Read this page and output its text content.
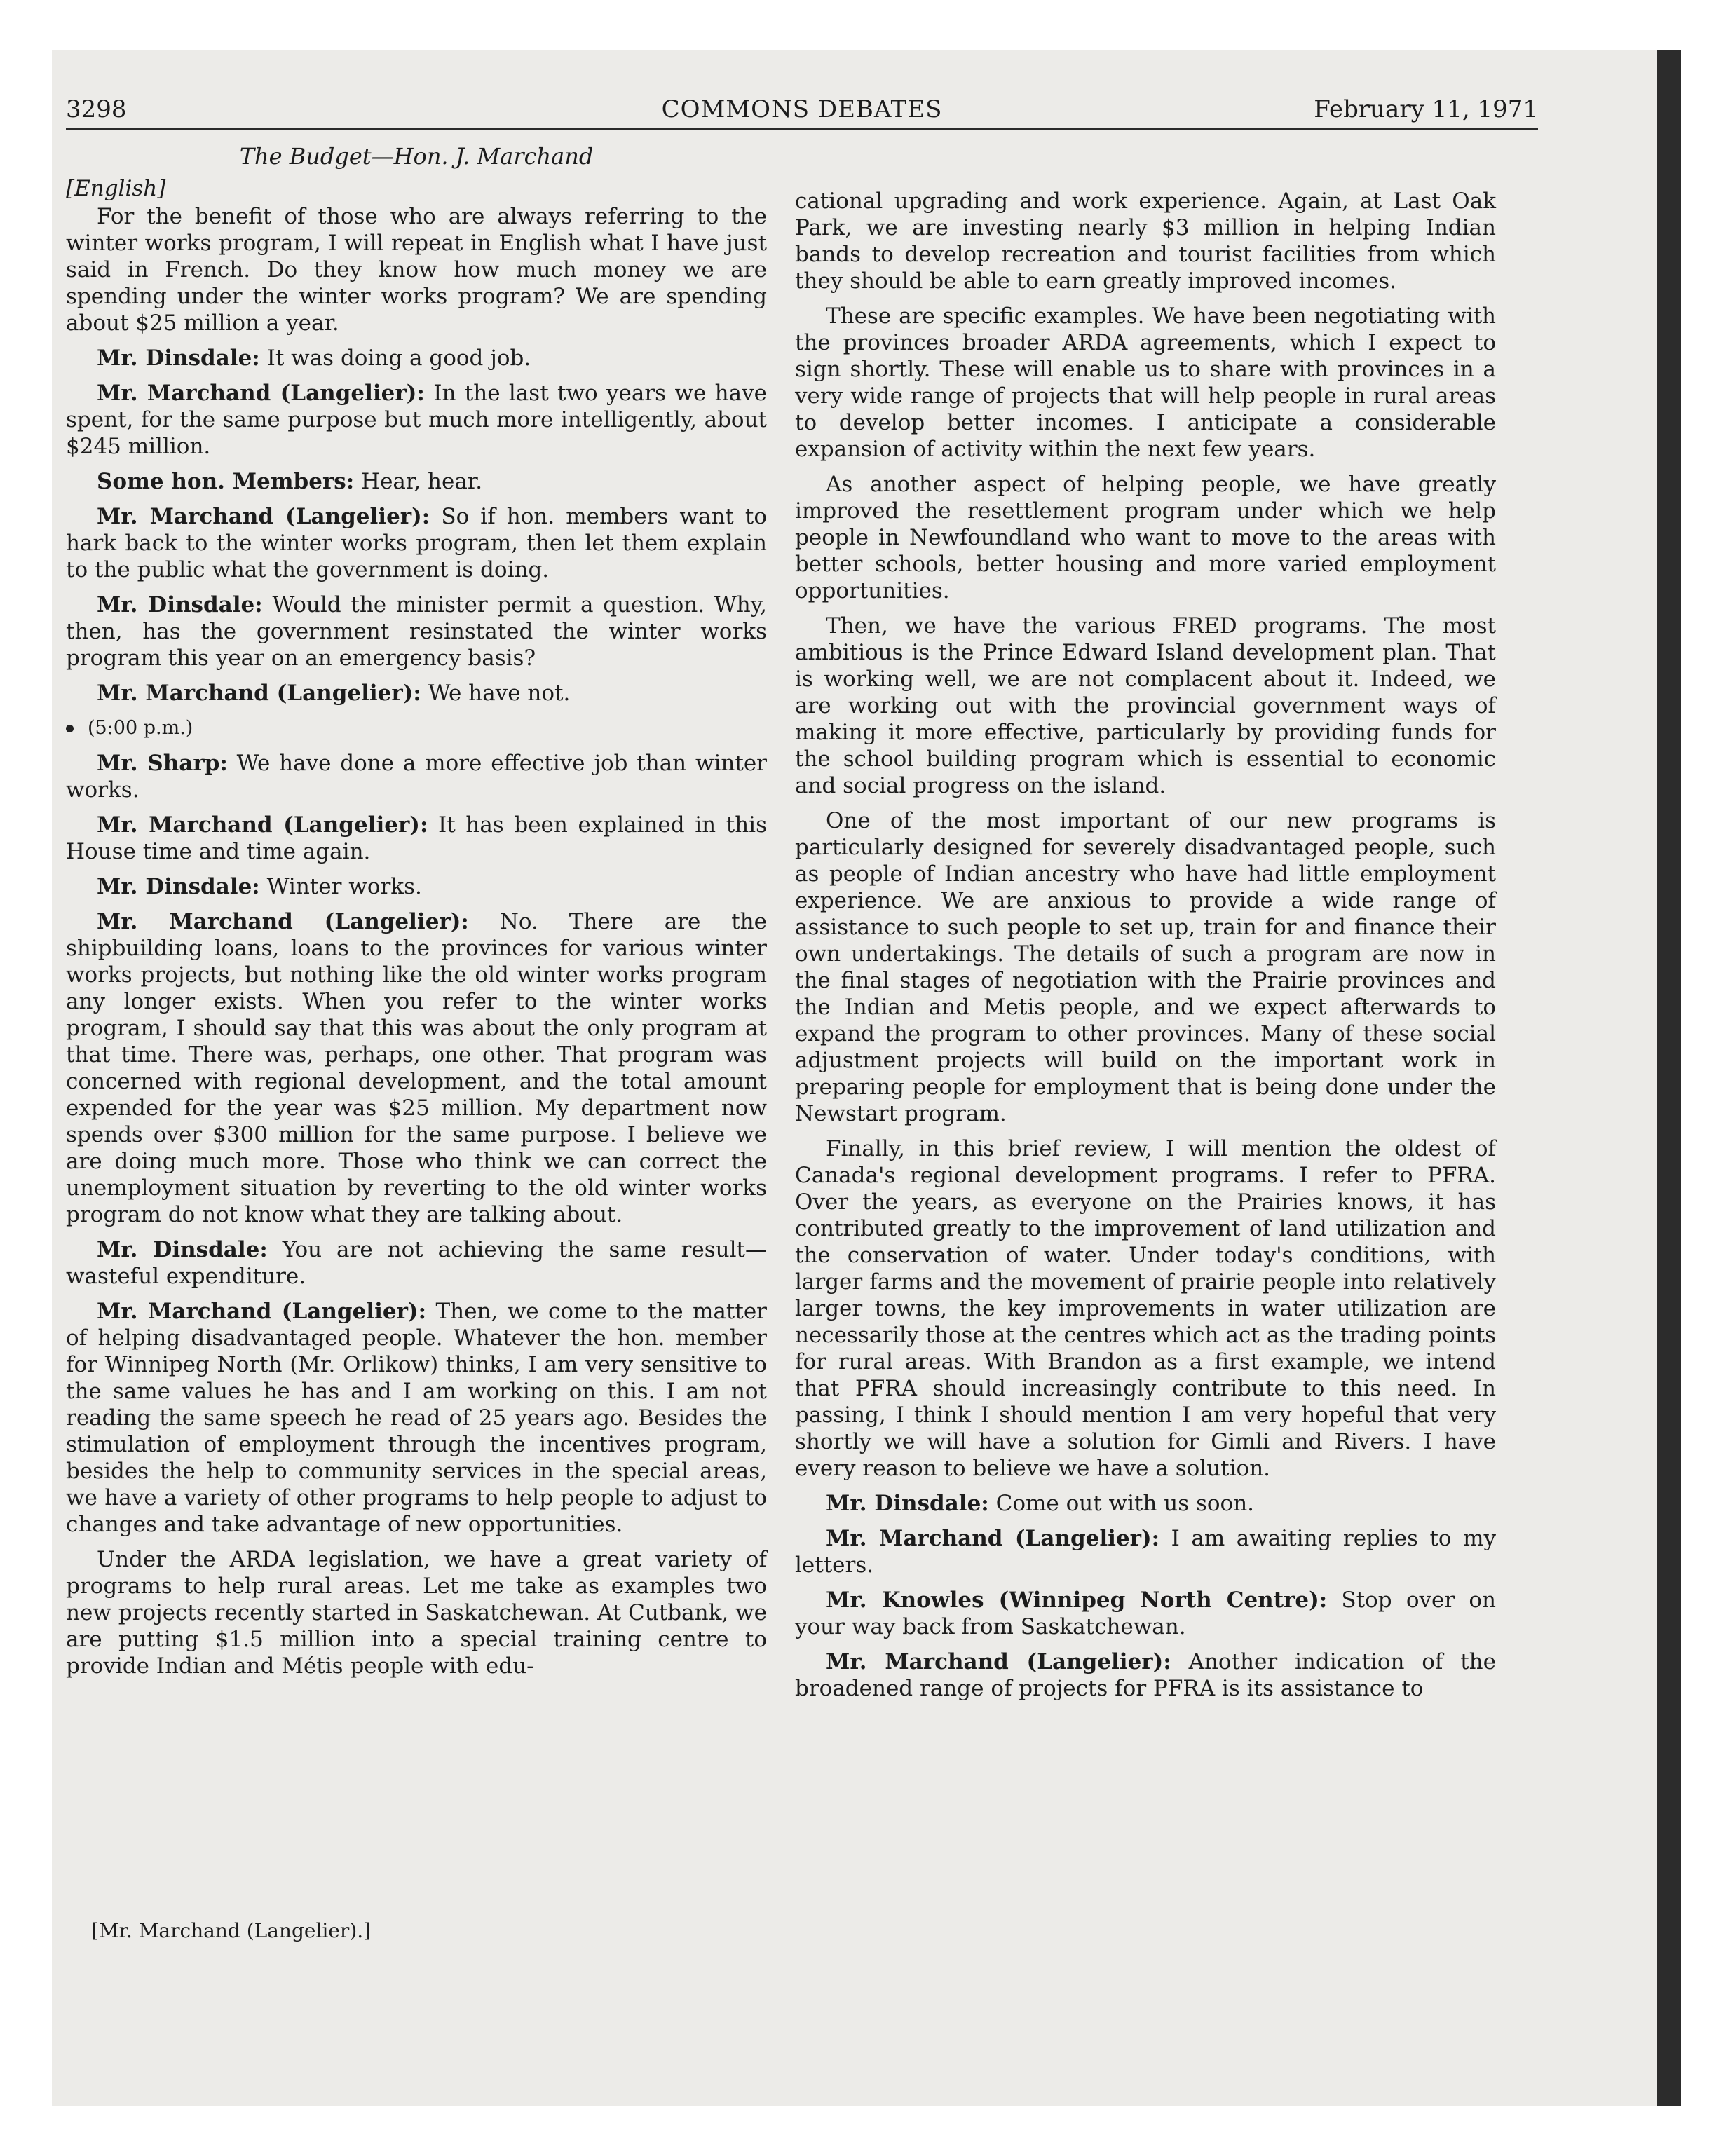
3298	COMMONS DEBATES	February 11, 1971
The Budget—Hon. J. Marchand
[English]

For the benefit of those who are always referring to the winter works program, I will repeat in English what I have just said in French. Do they know how much money we are spending under the winter works program? We are spending about $25 million a year.

Mr. Dinsdale: It was doing a good job.

Mr. Marchand (Langelier): In the last two years we have spent, for the same purpose but much more intelligently, about $245 million.

Some hon. Members: Hear, hear.

Mr. Marchand (Langelier): So if hon. members want to hark back to the winter works program, then let them explain to the public what the government is doing.

Mr. Dinsdale: Would the minister permit a question. Why, then, has the government resinstated the winter works program this year on an emergency basis?

Mr. Marchand (Langelier): We have not.

(5:00 p.m.)

Mr. Sharp: We have done a more effective job than winter works.

Mr. Marchand (Langelier): It has been explained in this House time and time again.

Mr. Dinsdale: Winter works.

Mr. Marchand (Langelier): No. There are the shipbuilding loans, loans to the provinces for various winter works projects, but nothing like the old winter works program any longer exists. When you refer to the winter works program, I should say that this was about the only program at that time. There was, perhaps, one other. That program was concerned with regional development, and the total amount expended for the year was $25 million. My department now spends over $300 million for the same purpose. I believe we are doing much more. Those who think we can correct the unemployment situation by reverting to the old winter works program do not know what they are talking about.

Mr. Dinsdale: You are not achieving the same result—wasteful expenditure.

Mr. Marchand (Langelier): Then, we come to the matter of helping disadvantaged people. Whatever the hon. member for Winnipeg North (Mr. Orlikow) thinks, I am very sensitive to the same values he has and I am working on this. I am not reading the same speech he read of 25 years ago. Besides the stimulation of employment through the incentives program, besides the help to community services in the special areas, we have a variety of other programs to help people to adjust to changes and take advantage of new opportunities.

Under the ARDA legislation, we have a great variety of programs to help rural areas. Let me take as examples two new projects recently started in Saskatchewan. At Cutbank, we are putting $1.5 million into a special training centre to provide Indian and Métis people with edu-

cational upgrading and work experience. Again, at Last Oak Park, we are investing nearly $3 million in helping Indian bands to develop recreation and tourist facilities from which they should be able to earn greatly improved incomes.

These are specific examples. We have been negotiating with the provinces broader ARDA agreements, which I expect to sign shortly. These will enable us to share with provinces in a very wide range of projects that will help people in rural areas to develop better incomes. I anticipate a considerable expansion of activity within the next few years.

As another aspect of helping people, we have greatly improved the resettlement program under which we help people in Newfoundland who want to move to the areas with better schools, better housing and more varied employment opportunities.

Then, we have the various FRED programs. The most ambitious is the Prince Edward Island development plan. That is working well, we are not complacent about it. Indeed, we are working out with the provincial government ways of making it more effective, particularly by providing funds for the school building program which is essential to economic and social progress on the island.

One of the most important of our new programs is particularly designed for severely disadvantaged people, such as people of Indian ancestry who have had little employment experience. We are anxious to provide a wide range of assistance to such people to set up, train for and finance their own undertakings. The details of such a program are now in the final stages of negotiation with the Prairie provinces and the Indian and Metis people, and we expect afterwards to expand the program to other provinces. Many of these social adjustment projects will build on the important work in preparing people for employment that is being done under the Newstart program.

Finally, in this brief review, I will mention the oldest of Canada's regional development programs. I refer to PFRA. Over the years, as everyone on the Prairies knows, it has contributed greatly to the improvement of land utilization and the conservation of water. Under today's conditions, with larger farms and the movement of prairie people into relatively larger towns, the key improvements in water utilization are necessarily those at the centres which act as the trading points for rural areas. With Brandon as a first example, we intend that PFRA should increasingly contribute to this need. In passing, I think I should mention I am very hopeful that very shortly we will have a solution for Gimli and Rivers. I have every reason to believe we have a solution.

Mr. Dinsdale: Come out with us soon.

Mr. Marchand (Langelier): I am awaiting replies to my letters.

Mr. Knowles (Winnipeg North Centre): Stop over on your way back from Saskatchewan.

Mr. Marchand (Langelier): Another indication of the broadened range of projects for PFRA is its assistance to

[Mr. Marchand (Langelier).]
